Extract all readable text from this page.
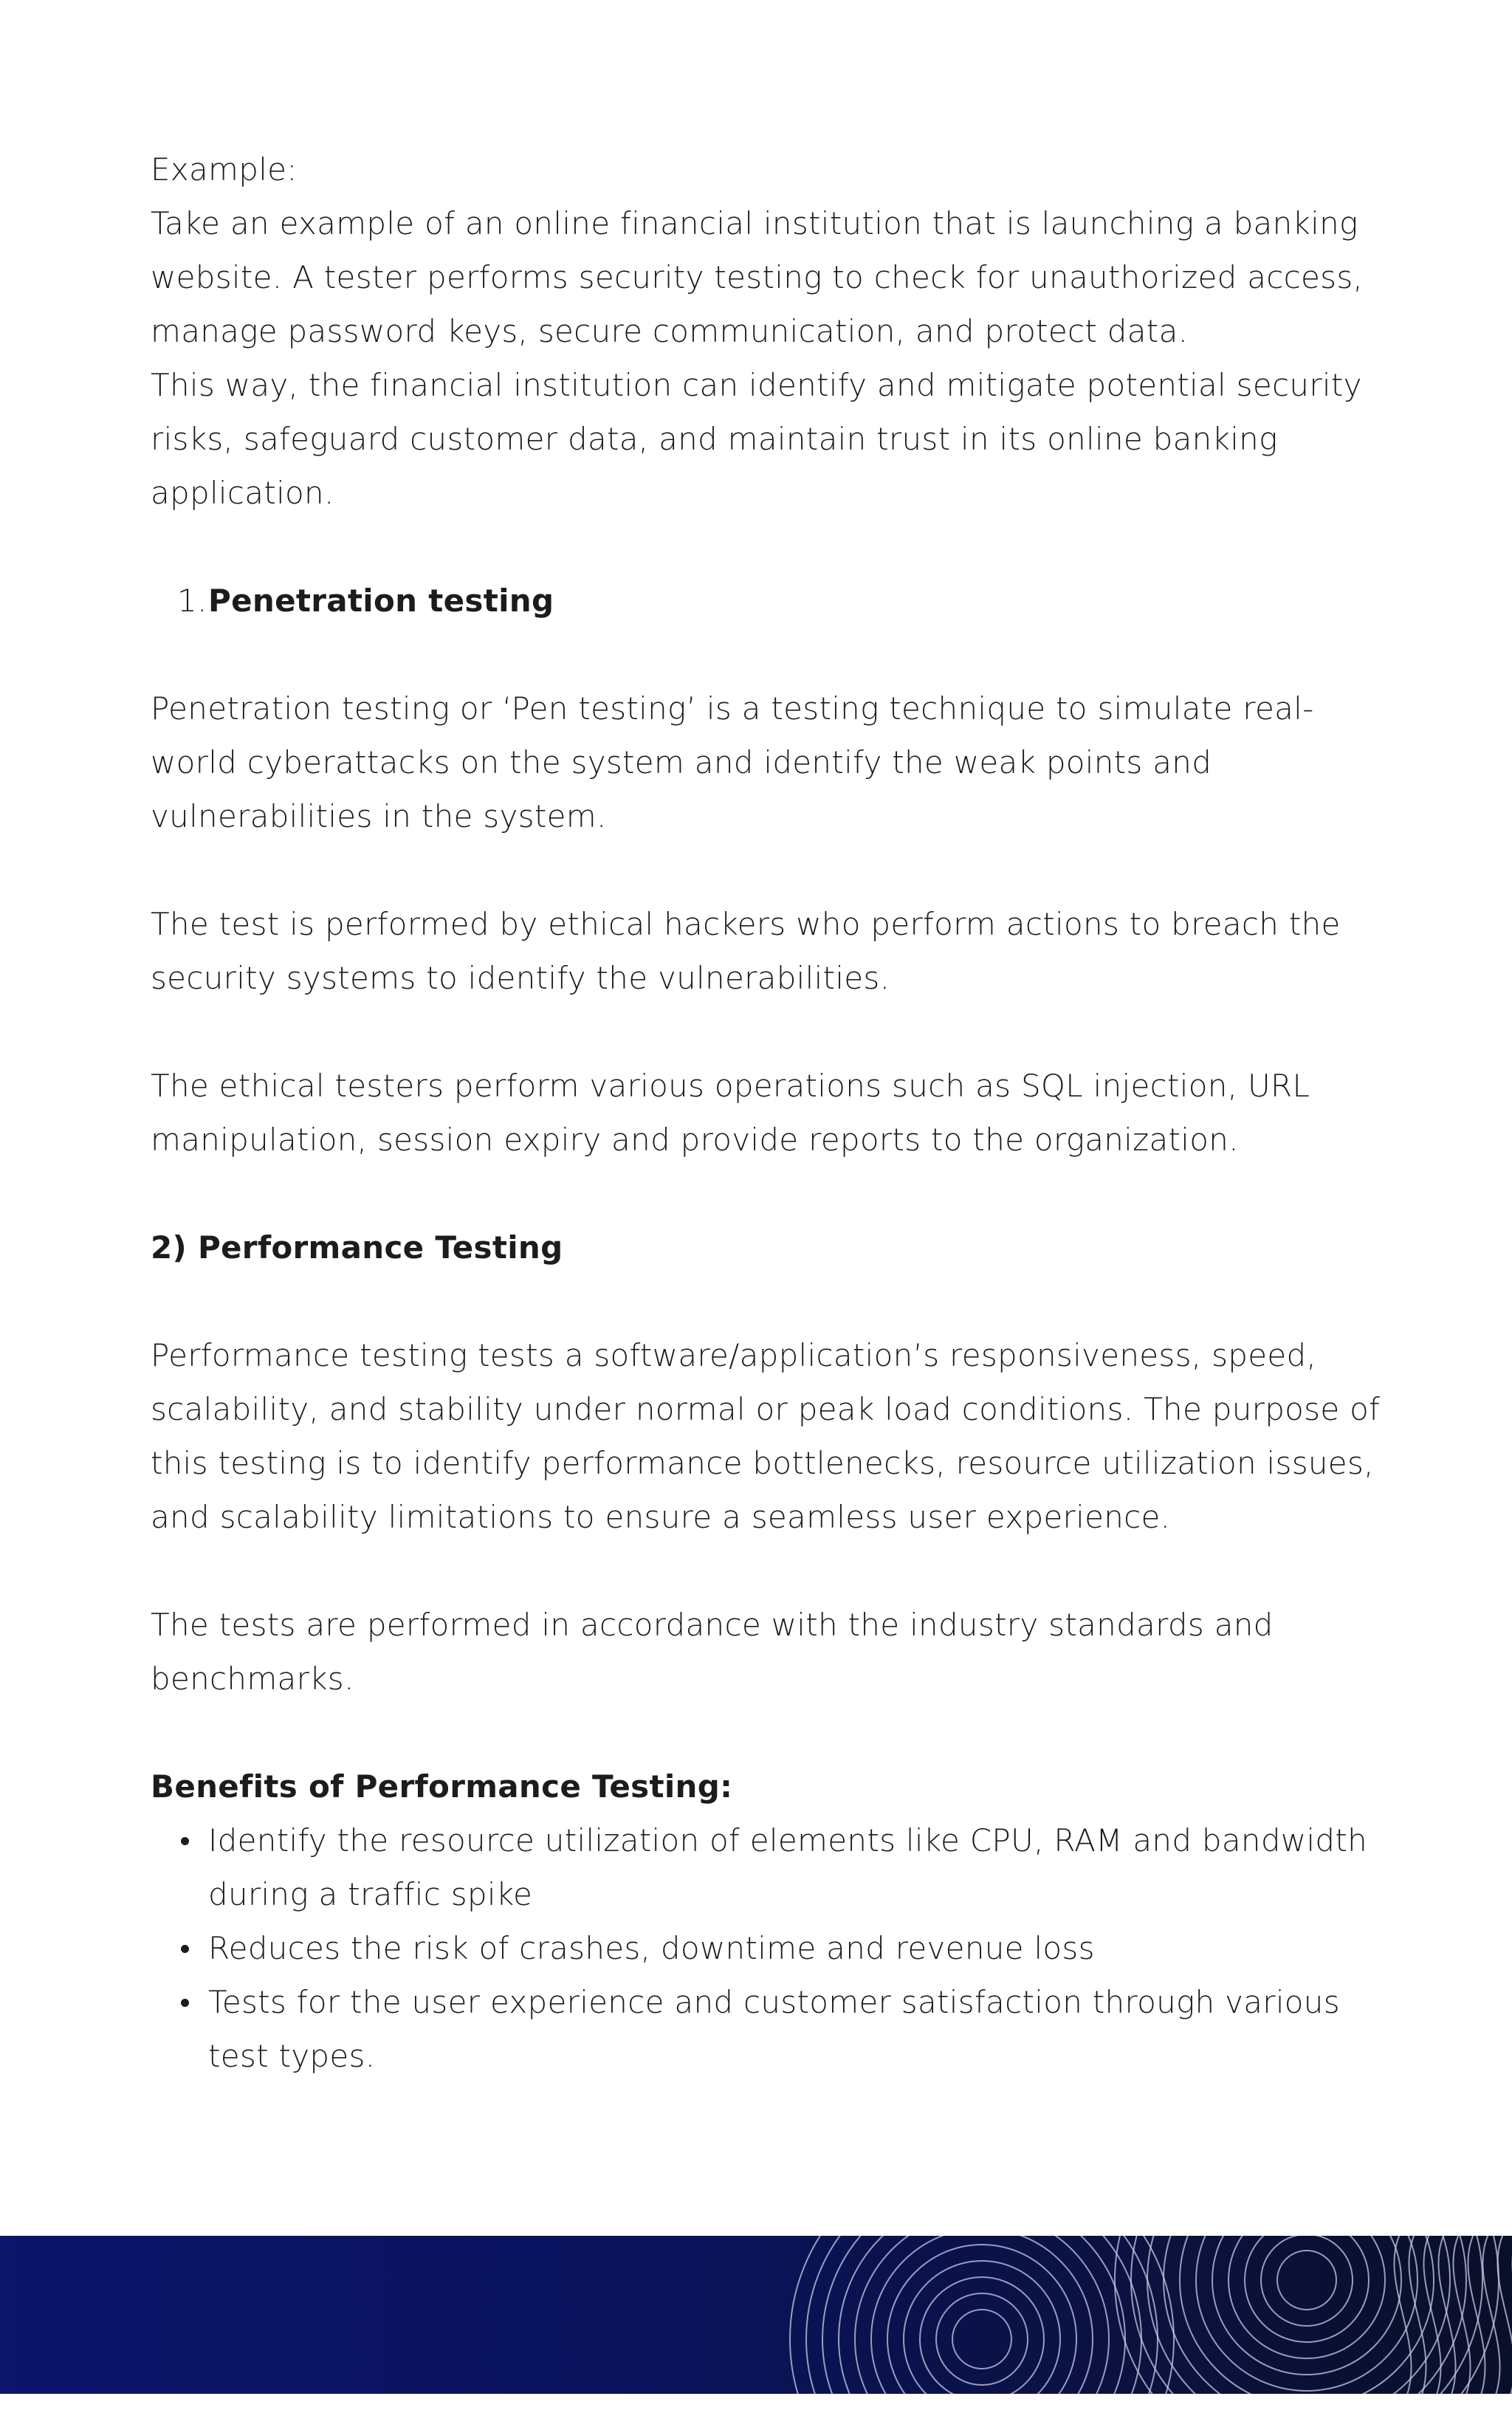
Example:

Take an example of an online financial institution that is launching a banking website. A tester performs security testing to check for unauthorized access, manage password keys, secure communication, and protect data.

This way, the financial institution can identify and mitigate potential security risks, safeguard customer data, and maintain trust in its online banking application.

1. Penetration testing

Penetration testing or ‘Pen testing’ is a testing technique to simulate real-world cyberattacks on the system and identify the weak points and vulnerabilities in the system.

The test is performed by ethical hackers who perform actions to breach the security systems to identify the vulnerabilities.

The ethical testers perform various operations such as SQL injection, URL manipulation, session expiry and provide reports to the organization.

2) Performance Testing

Performance testing tests a software/application’s responsiveness, speed, scalability, and stability under normal or peak load conditions. The purpose of this testing is to identify performance bottlenecks, resource utilization issues, and scalability limitations to ensure a seamless user experience.

The tests are performed in accordance with the industry standards and benchmarks.

Benefits of Performance Testing:

Identify the resource utilization of elements like CPU, RAM and bandwidth during a traffic spike
Reduces the risk of crashes, downtime and revenue loss
Tests for the user experience and customer satisfaction through various test types.
